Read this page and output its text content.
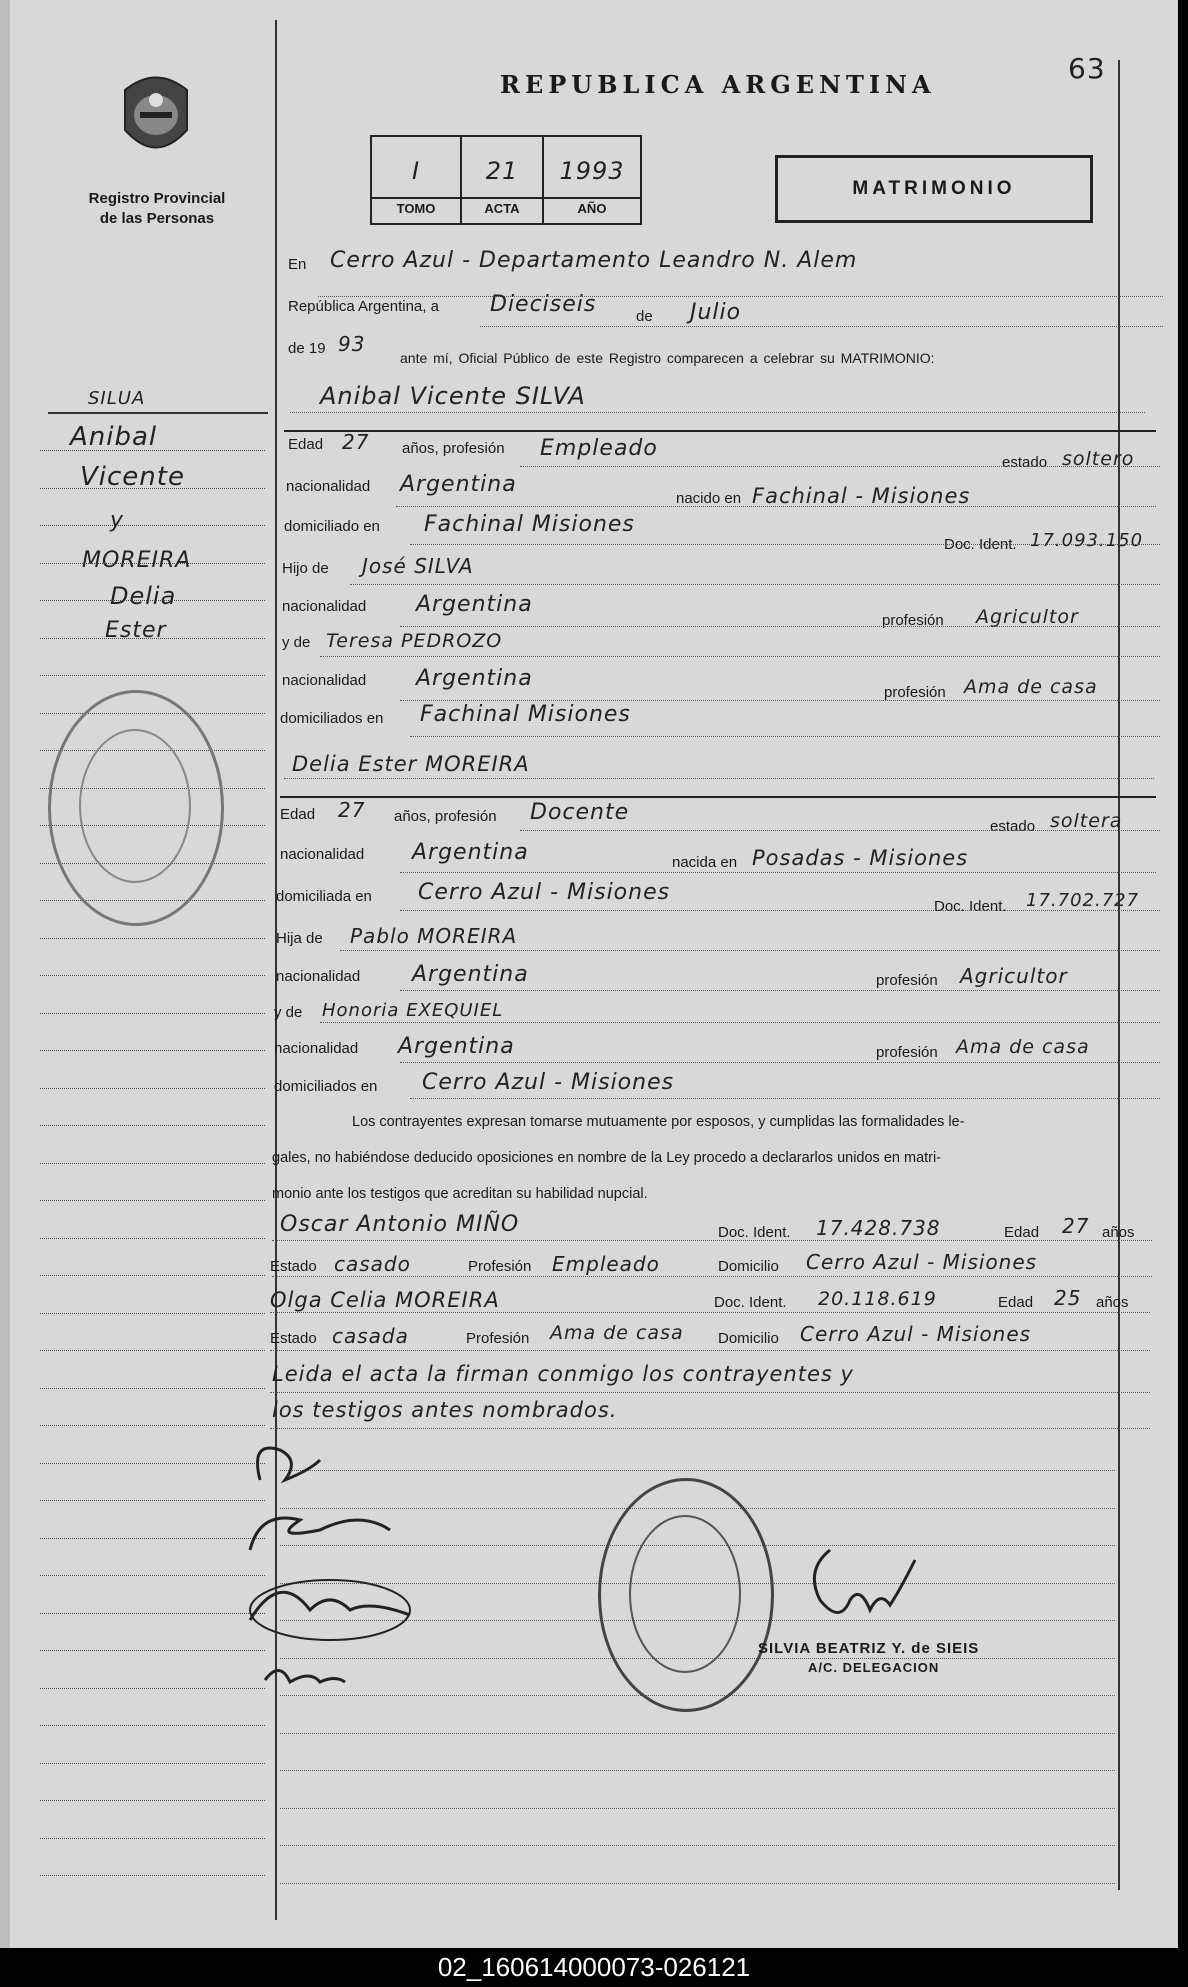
Registro Provincial
de las Personas
REPUBLICA ARGENTINA	63
I	21	1993
TOMO	ACTA	AÑO
MATRIMONIO
SILUA
Anibal
Vicente
y
MOREIRA
Delia
Ester
En Cerro Azul - Departamento Leandro N. Alem
República Argentina, a Dieciseis	de Julio
de 19 93
ante mí, Oficial Público de este Registro comparecen a celebrar su MATRIMONIO:
Anibal Vicente SILVA
Edad 27 años, profesión Empleado
estado soltero
nacionalidad Argentina
nacido en Fachinal - Misiones
domiciliado en Fachinal Misiones
Doc. Ident. 17.093.150
Hijo de José SILVA
nacionalidad Argentina
profesión Agricultor
y de Teresa PEDROZO
nacionalidad Argentina
profesión Ama de casa
domiciliados en Fachinal Misiones
Delia Ester MOREIRA
Edad 27 años, profesión Docente
estado soltera
nacionalidad Argentina	nacida en Posadas - Misiones
domiciliada en Cerro Azul - Misiones
Doc. Ident. 17.702.727
Hija de Pablo MOREIRA
nacionalidad Argentina	profesión Agricultor
y de Honoria EXEQUIEL
nacionalidad Argentina	profesión Ama de casa
domiciliados en Cerro Azul - Misiones
Los contrayentes expresan tomarse mutuamente por esposos, y cumplidas las formalidades le-
gales, no habiéndose deducido oposiciones en nombre de la Ley procedo a declararlos unidos en matri-
monio ante los testigos que acreditan su habilidad nupcial.
Oscar Antonio MIÑO	Doc. Ident. 17.428.738	Edad 27 años
Estado casado	Profesión Empleado	Domicilio Cerro Azul - Misiones
Olga Celia MOREIRA	Doc. Ident. 20.118.619	Edad 25 años
Estado casada	Profesión Ama de casa Domicilio Cerro Azul - Misiones
Leida el acta la firman conmigo los contrayentes y
los testigos antes nombrados.
SILVIA BEATRIZ Y. de SIEIS
A/C. DELEGACION
02_160614000073-026121
